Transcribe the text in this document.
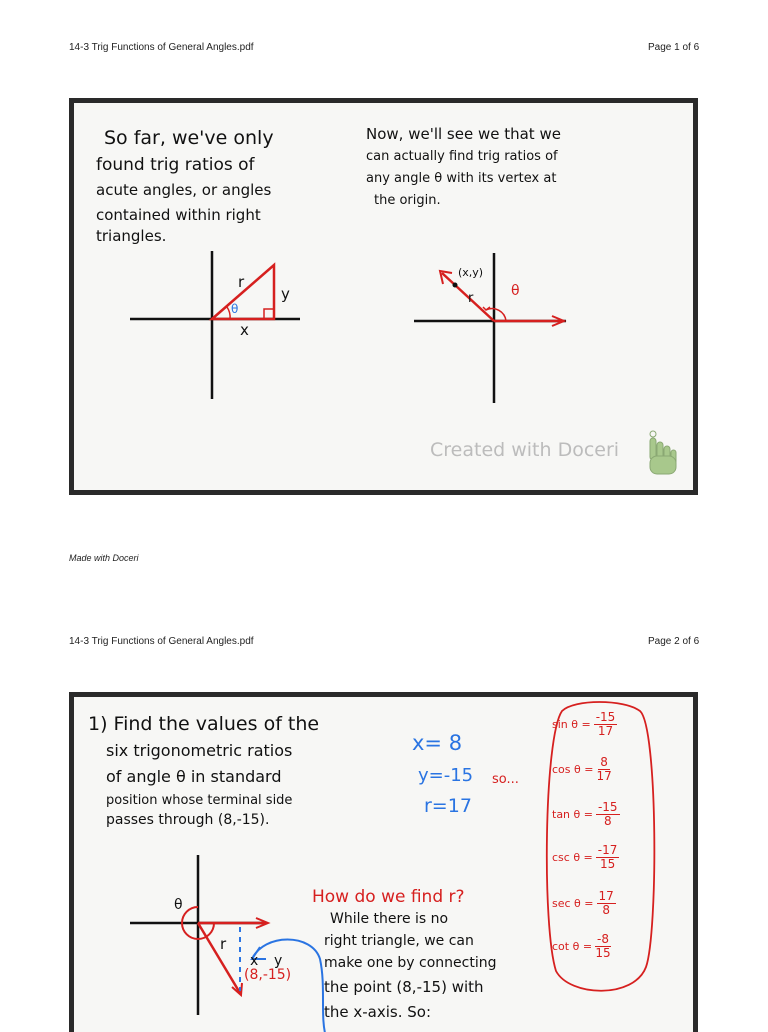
14-3 Trig Functions of General Angles.pdf	Page 1 of 6
So far, we've only
found trig ratios of
acute angles, or angles
contained within right
triangles.
Now, we'll see we that we
can actually find trig ratios of
any angle θ with its vertex at
the origin.
r
y
x
θ
(x,y)
r	θ
Created with Doceri
Made with Doceri
14-3 Trig Functions of General Angles.pdf	Page 2 of 6
1) Find the values of the
six trigonometric ratios
of angle θ in standard
position whose terminal side
passes through (8,-15).
x= 8
y=-15 so...
r=17
$\sin \theta = \frac{-15}{17}$
$\cos \theta = \frac{8}{17}$
$\tan \theta = \frac{-15}{8}$
$\csc \theta = \frac{-17}{15}$
$\sec \theta = \frac{17}{8}$
$\cot \theta = \frac{-8}{15}$
How do we find r?
While there is no
right triangle, we can
make one by connecting
the point (8,-15) with
the x-axis. So:
θ
r
x y
(8,-15)
